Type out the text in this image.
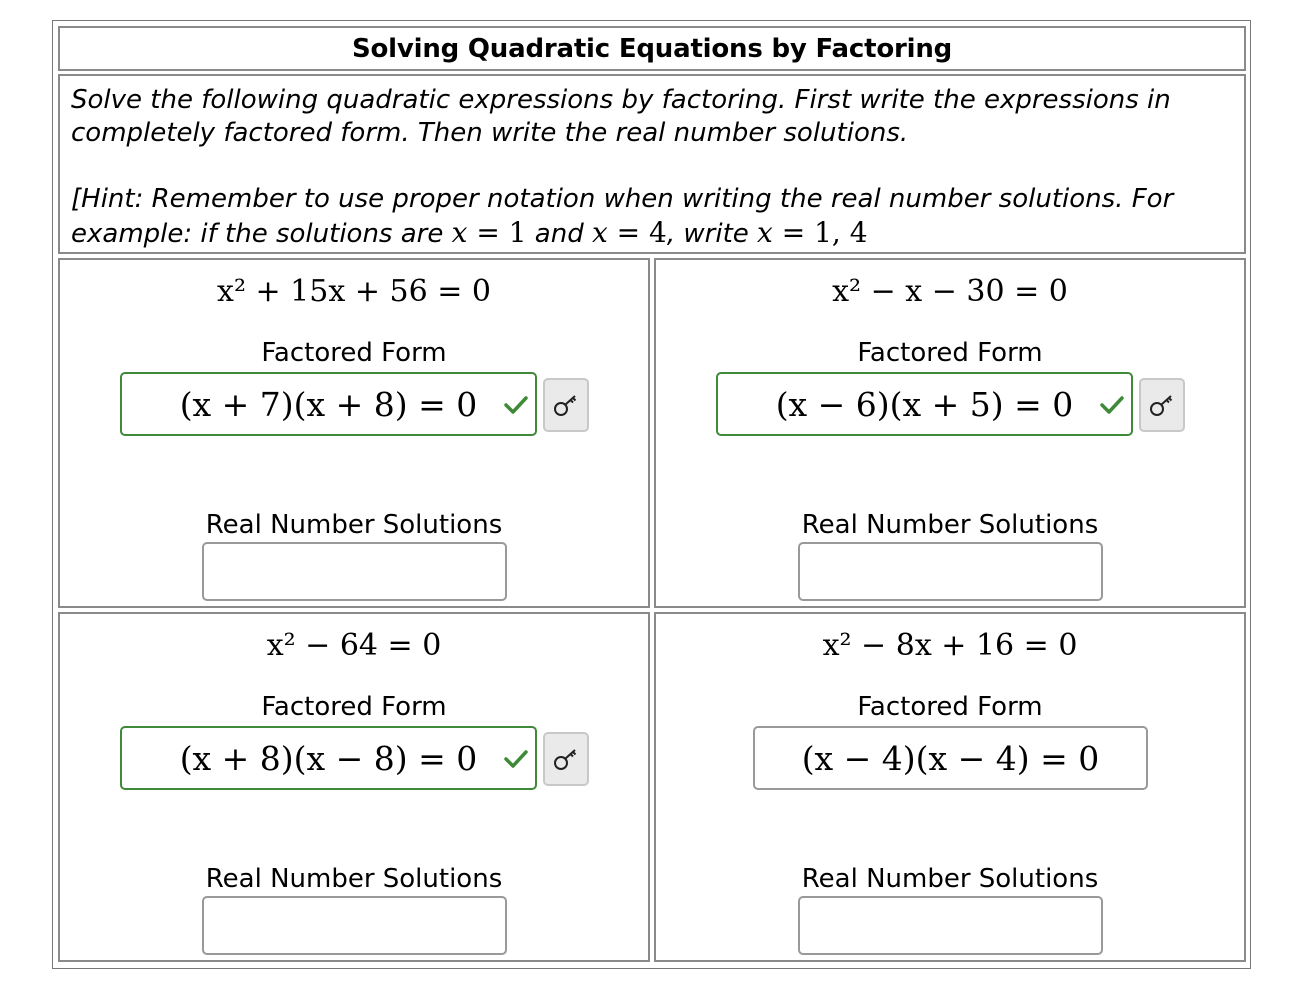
Solving Quadratic Equations by Factoring

Solve the following quadratic expressions by factoring. First write the expressions in completely factored form. Then write the real number solutions.

[Hint: Remember to use proper notation when writing the real number solutions. For example: if the solutions are x = 1 and x = 4, write x = 1, 4

x² + 15x + 56 = 0
Factored Form
(x + 7)(x + 8) = 0
Real Number Solutions
x² − x − 30 = 0
Factored Form
(x − 6)(x + 5) = 0
Real Number Solutions
x² − 64 = 0
Factored Form
(x + 8)(x − 8) = 0
Real Number Solutions
x² − 8x + 16 = 0
Factored Form
(x − 4)(x − 4) = 0
Real Number Solutions
